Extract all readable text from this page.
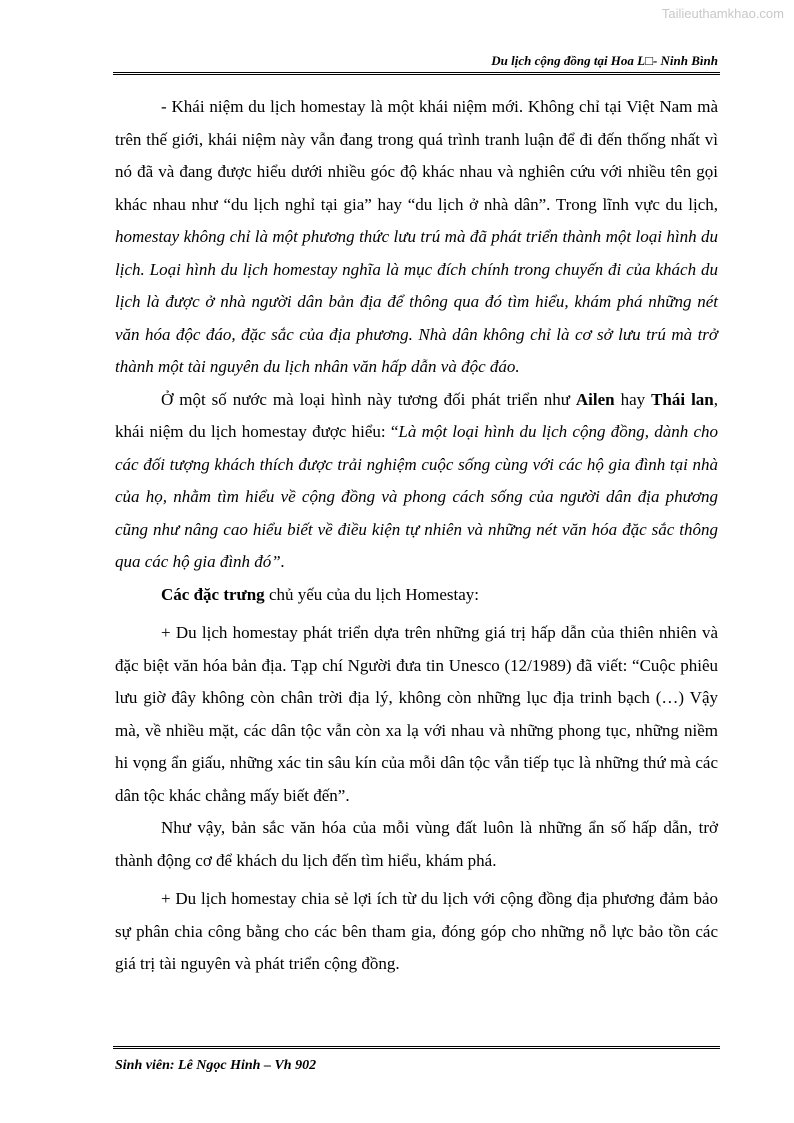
Tailieuthamkhao.com
Du lịch cộng đồng tại Hoa L□- Ninh Bình

- Khái niệm du lịch homestay là một khái niệm mới. Không chỉ tại Việt Nam mà trên thế giới, khái niệm này vẫn đang trong quá trình tranh luận để đi đến thống nhất vì nó đã và đang được hiểu dưới nhiều góc độ khác nhau và nghiên cứu với nhiều tên gọi khác nhau như “du lịch nghỉ tại gia” hay “du lịch ở nhà dân”. Trong lĩnh vực du lịch, homestay không chỉ là một phương thức lưu trú mà đã phát triển thành một loại hình du lịch. Loại hình du lịch homestay nghĩa là mục đích chính trong chuyến đi của khách du lịch là được ở nhà người dân bản địa để thông qua đó tìm hiểu, khám phá những nét văn hóa độc đáo, đặc sắc của địa phương. Nhà dân không chỉ là cơ sở lưu trú mà trở thành một tài nguyên du lịch nhân văn hấp dẫn và độc đáo.

Ở một số nước mà loại hình này tương đối phát triển như Ailen hay Thái lan, khái niệm du lịch homestay được hiểu: “Là một loại hình du lịch cộng đồng, dành cho các đối tượng khách thích được trải nghiệm cuộc sống cùng với các hộ gia đình tại nhà của họ, nhằm tìm hiểu về cộng đồng và phong cách sống của người dân địa phương cũng như nâng cao hiểu biết về điều kiện tự nhiên và những nét văn hóa đặc sắc thông qua các hộ gia đình đó”.

Các đặc trưng chủ yếu của du lịch Homestay:

+ Du lịch homestay phát triển dựa trên những giá trị hấp dẫn của thiên nhiên và đặc biệt văn hóa bản địa. Tạp chí Người đưa tin Unesco (12/1989) đã viết: “Cuộc phiêu lưu giờ đây không còn chân trời địa lý, không còn những lục địa trinh bạch (…) Vậy mà, về nhiều mặt, các dân tộc vẫn còn xa lạ với nhau và những phong tục, những niềm hi vọng ẩn giấu, những xác tin sâu kín của mỗi dân tộc vẫn tiếp tục là những thứ mà các dân tộc khác chẳng mấy biết đến”.

Như vậy, bản sắc văn hóa của mỗi vùng đất luôn là những ẩn số hấp dẫn, trở thành động cơ để khách du lịch đến tìm hiểu, khám phá.

+ Du lịch homestay chia sẻ lợi ích từ du lịch với cộng đồng địa phương đảm bảo sự phân chia công bằng cho các bên tham gia, đóng góp cho những nỗ lực bảo tồn các giá trị tài nguyên và phát triển cộng đồng.

Sinh viên: Lê Ngọc Hinh – Vh 902
